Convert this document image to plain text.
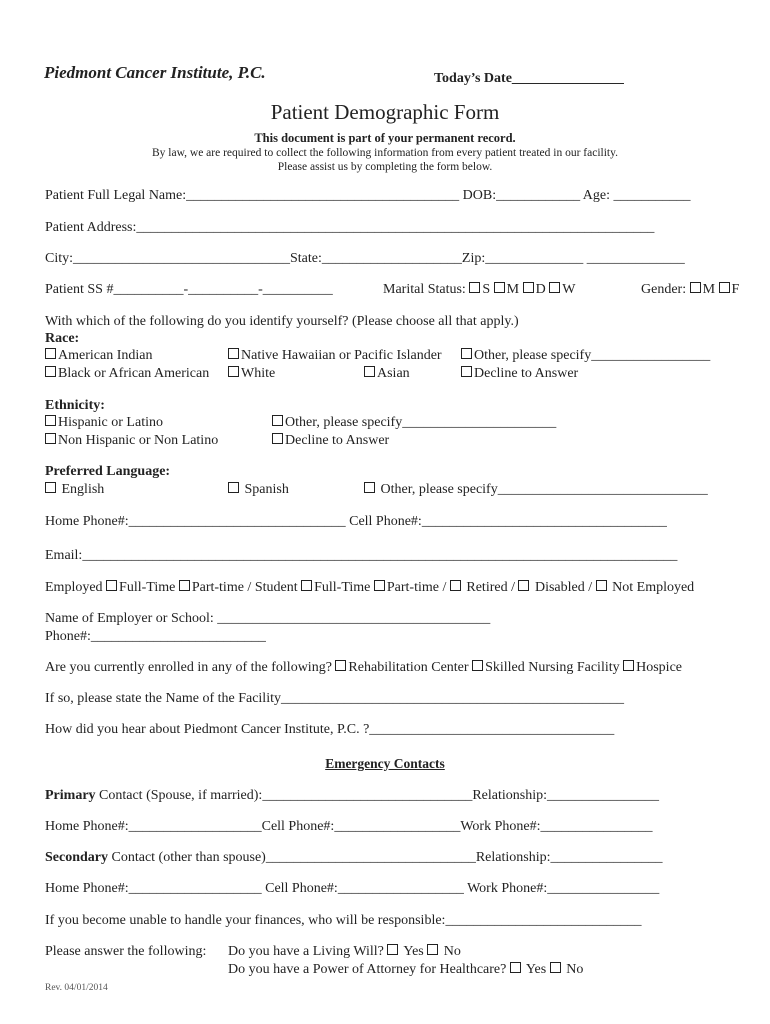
Piedmont Cancer Institute, P.C.	Today’s Date________________
Patient Demographic Form
This document is part of your permanent record.
By law, we are required to collect the following information from every patient treated in our facility.
Please assist us by completing the form below.
Patient Full Legal Name:_______________________________________ DOB:____________ Age: ___________
Patient Address:__________________________________________________________________________
City:_______________________________State:____________________Zip:______________ ______________
Patient SS #__________-__________-__________	Marital Status: S M D W	Gender: M F
With which of the following do you identify yourself? (Please choose all that apply.)
Race:
American Indian	Native Hawaiian or Pacific Islander	Other, please specify_________________
Black or African American	White	Asian	Decline to Answer
Ethnicity:
Hispanic or Latino	Other, please specify______________________
Non Hispanic or Non Latino	Decline to Answer
Preferred Language:
English	Spanish	Other, please specify______________________________
Home Phone#:_______________________________ Cell Phone#:___________________________________
Email:_____________________________________________________________________________________
Employed Full-Time Part-time / Student Full-Time Part-time / Retired / Disabled / Not Employed
Name of Employer or School: _______________________________________
Phone#:_________________________
Are you currently enrolled in any of the following? Rehabilitation Center Skilled Nursing Facility Hospice
If so, please state the Name of the Facility_________________________________________________
How did you hear about Piedmont Cancer Institute, P.C. ?___________________________________
Emergency Contacts
Primary Contact (Spouse, if married):______________________________Relationship:________________
Home Phone#:___________________Cell Phone#:__________________Work Phone#:________________
Secondary Contact (other than spouse)______________________________Relationship:________________
Home Phone#:___________________ Cell Phone#:__________________ Work Phone#:________________
If you become unable to handle your finances, who will be responsible:____________________________
Please answer the following: Do you have a Living Will? Yes No
Do you have a Power of Attorney for Healthcare? Yes No
Rev. 04/01/2014
